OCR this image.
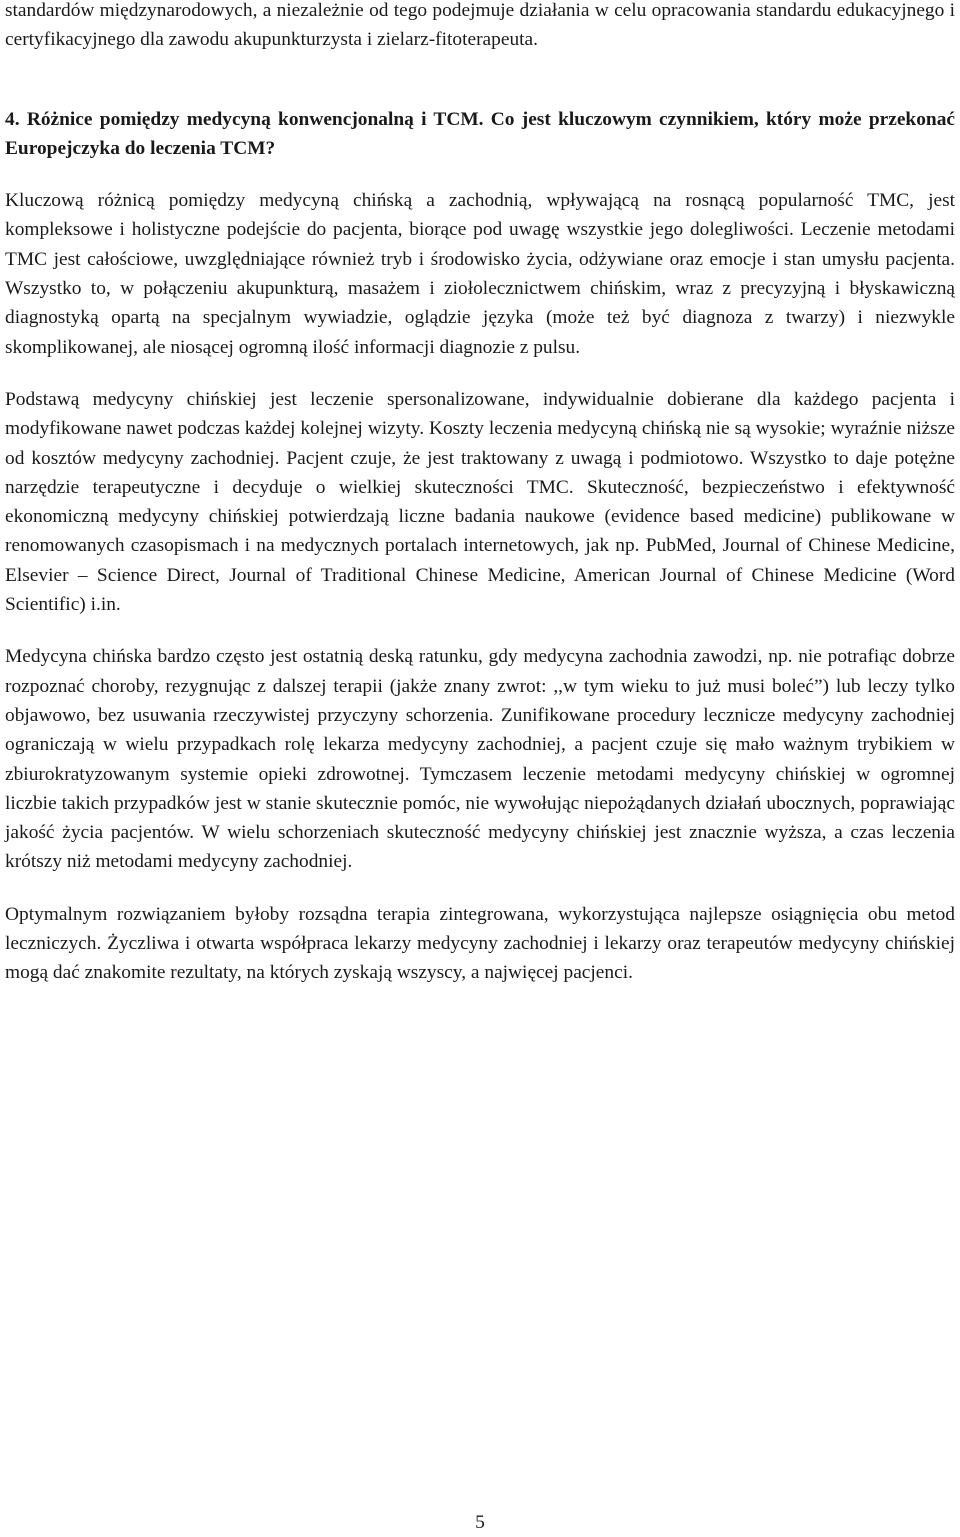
standardów międzynarodowych, a niezależnie od tego podejmuje działania w celu opracowania standardu edukacyjnego i certyfikacyjnego dla zawodu akupunkturzysta i zielarz-fitoterapeuta.

4. Różnice pomiędzy medycyną konwencjonalną i TCM. Co jest kluczowym czynnikiem, który może przekonać Europejczyka do leczenia TCM?

Kluczową różnicą pomiędzy medycyną chińską a zachodnią, wpływającą na rosnącą popularność TMC, jest kompleksowe i holistyczne podejście do pacjenta, biorące pod uwagę wszystkie jego dolegliwości. Leczenie metodami TMC jest całościowe, uwzględniające również tryb i środowisko życia, odżywiane oraz emocje i stan umysłu pacjenta. Wszystko to, w połączeniu akupunkturą, masażem i ziołolecznictwem chińskim, wraz z precyzyjną i błyskawiczną diagnostyką opartą na specjalnym wywiadzie, oglądzie języka (może też być diagnoza z twarzy) i niezwykle skomplikowanej, ale niosącej ogromną ilość informacji diagnozie z pulsu.

Podstawą medycyny chińskiej jest leczenie spersonalizowane, indywidualnie dobierane dla każdego pacjenta i modyfikowane nawet podczas każdej kolejnej wizyty. Koszty leczenia medycyną chińską nie są wysokie; wyraźnie niższe od kosztów medycyny zachodniej. Pacjent czuje, że jest traktowany z uwagą i podmiotowo. Wszystko to daje potężne narzędzie terapeutyczne i decyduje o wielkiej skuteczności TMC. Skuteczność, bezpieczeństwo i efektywność ekonomiczną medycyny chińskiej potwierdzają liczne badania naukowe (evidence based medicine) publikowane w renomowanych czasopismach i na medycznych portalach internetowych, jak np. PubMed, Journal of Chinese Medicine, Elsevier – Science Direct, Journal of Traditional Chinese Medicine, American Journal of Chinese Medicine (Word Scientific) i.in.

Medycyna chińska bardzo często jest ostatnią deską ratunku, gdy medycyna zachodnia zawodzi, np. nie potrafiąc dobrze rozpoznać choroby, rezygnując z dalszej terapii (jakże znany zwrot: ,,w tym wieku to już musi boleć”) lub leczy tylko objawowo, bez usuwania rzeczywistej przyczyny schorzenia. Zunifikowane procedury lecznicze medycyny zachodniej ograniczają w wielu przypadkach rolę lekarza medycyny zachodniej, a pacjent czuje się mało ważnym trybikiem w zbiurokratyzowanym systemie opieki zdrowotnej. Tymczasem leczenie metodami medycyny chińskiej w ogromnej liczbie takich przypadków jest w stanie skutecznie pomóc, nie wywołując niepożądanych działań ubocznych, poprawiając jakość życia pacjentów. W wielu schorzeniach skuteczność medycyny chińskiej jest znacznie wyższa, a czas leczenia krótszy niż metodami medycyny zachodniej.

Optymalnym rozwiązaniem byłoby rozsądna terapia zintegrowana, wykorzystująca najlepsze osiągnięcia obu metod leczniczych. Życzliwa i otwarta współpraca lekarzy medycyny zachodniej i lekarzy oraz terapeutów medycyny chińskiej mogą dać znakomite rezultaty, na których zyskają wszyscy, a najwięcej pacjenci.

5
